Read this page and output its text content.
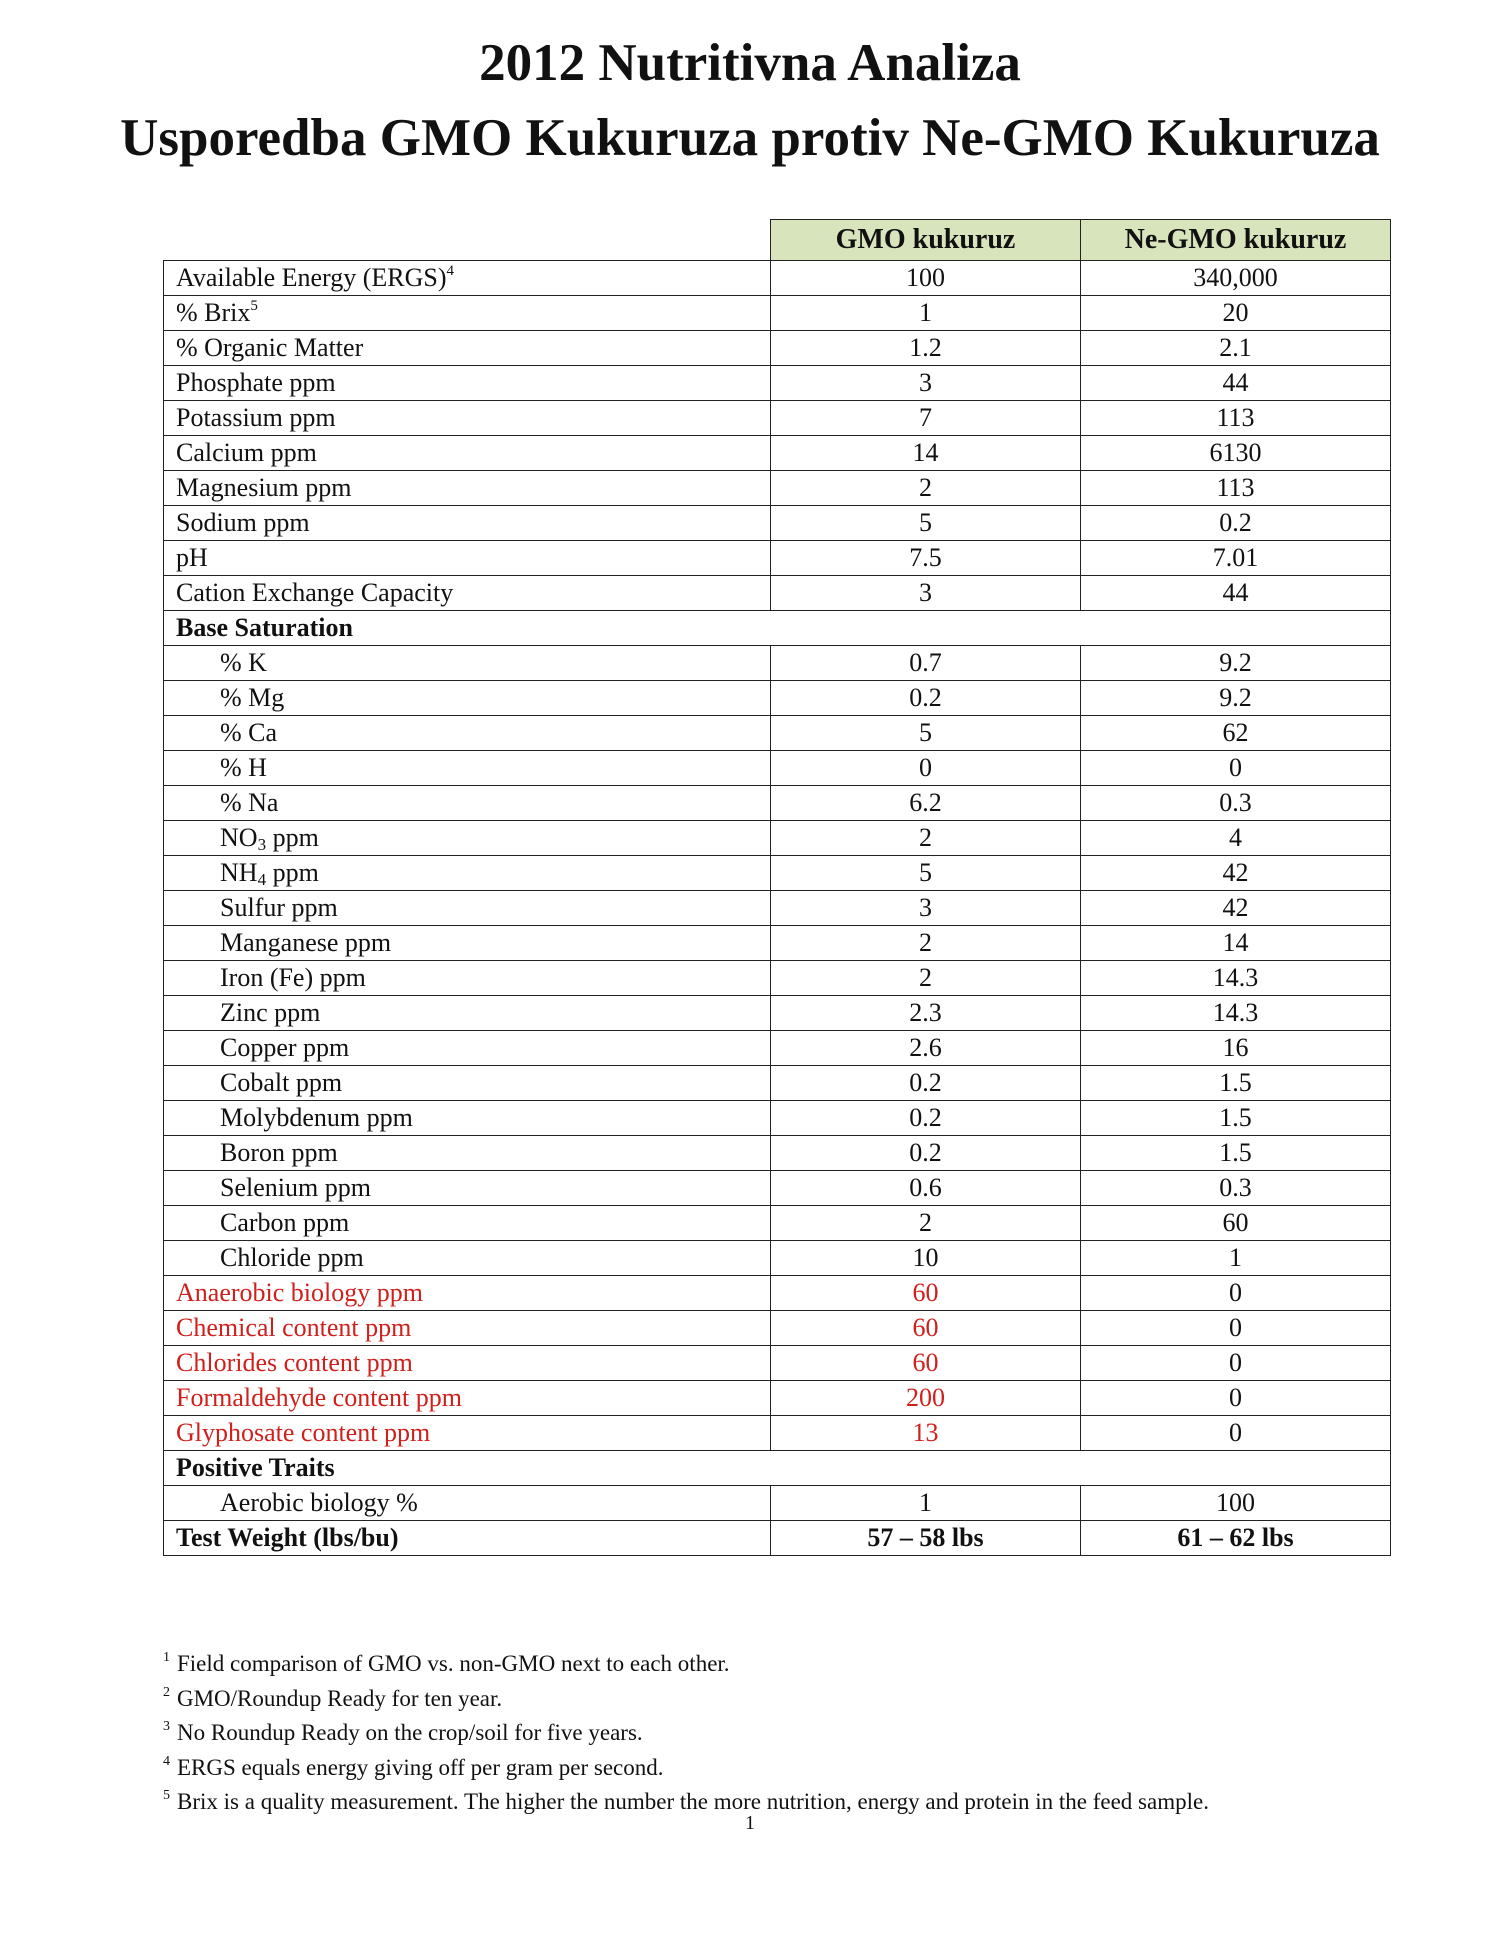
2012 Nutritivna Analiza
Usporedba GMO Kukuruza protiv Ne-GMO Kukuruza
	GMO kukuruz	Ne-GMO kukuruz
Available Energy (ERGS)$^4$	100	340,000
% Brix$^5$	1	20
% Organic Matter	1.2	2.1
Phosphate ppm	3	44
Potassium ppm	7	113
Calcium ppm	14	6130
Magnesium ppm	2	113
Sodium ppm	5	0.2
pH	7.5	7.01
Cation Exchange Capacity	3	44
Base Saturation		
% K	0.7	9.2
% Mg	0.2	9.2
% Ca	5	62
% H	0	0
% Na	6.2	0.3
$NO_3$ ppm	2	4
$NH_4$ ppm	5	42
Sulfur ppm	3	42
Manganese ppm	2	14
Iron (Fe) ppm	2	14.3
Zinc ppm	2.3	14.3
Copper ppm	2.6	16
Cobalt ppm	0.2	1.5
Molybdenum ppm	0.2	1.5
Boron ppm	0.2	1.5
Selenium ppm	0.6	0.3
Carbon ppm	2	60
Chloride ppm	10	1
Anaerobic biology ppm	60	0
Chemical content ppm	60	0
Chlorides content ppm	60	0
Formaldehyde content ppm	200	0
Glyphosate content ppm	13	0
Positive Traits		
Aerobic biology %	1	100
Test Weight (lbs/bu)	57 – 58 lbs	61 – 62 lbs
1 Field comparison of GMO vs. non-GMO next to each other.
2 GMO/Roundup Ready for ten year.
3 No Roundup Ready on the crop/soil for five years.
4 ERGS equals energy giving off per gram per second.
5 Brix is a quality measurement. The higher the number the more nutrition, energy and protein in the feed sample.
1
